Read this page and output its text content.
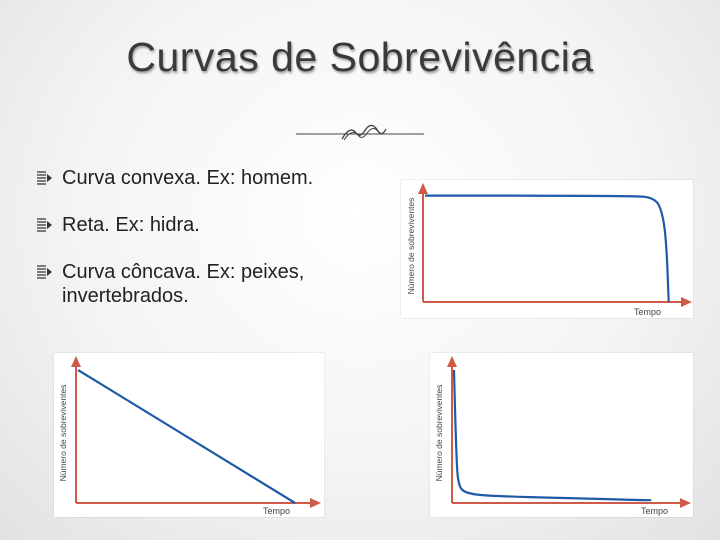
Curvas de Sobrevivência
Curva convexa. Ex: homem.
Reta. Ex: hidra.
Curva côncava. Ex: peixes, invertebrados.
Número de sobreviventes
Tempo
Número de sobreviventes
Tempo
Número de sobreviventes
Tempo
